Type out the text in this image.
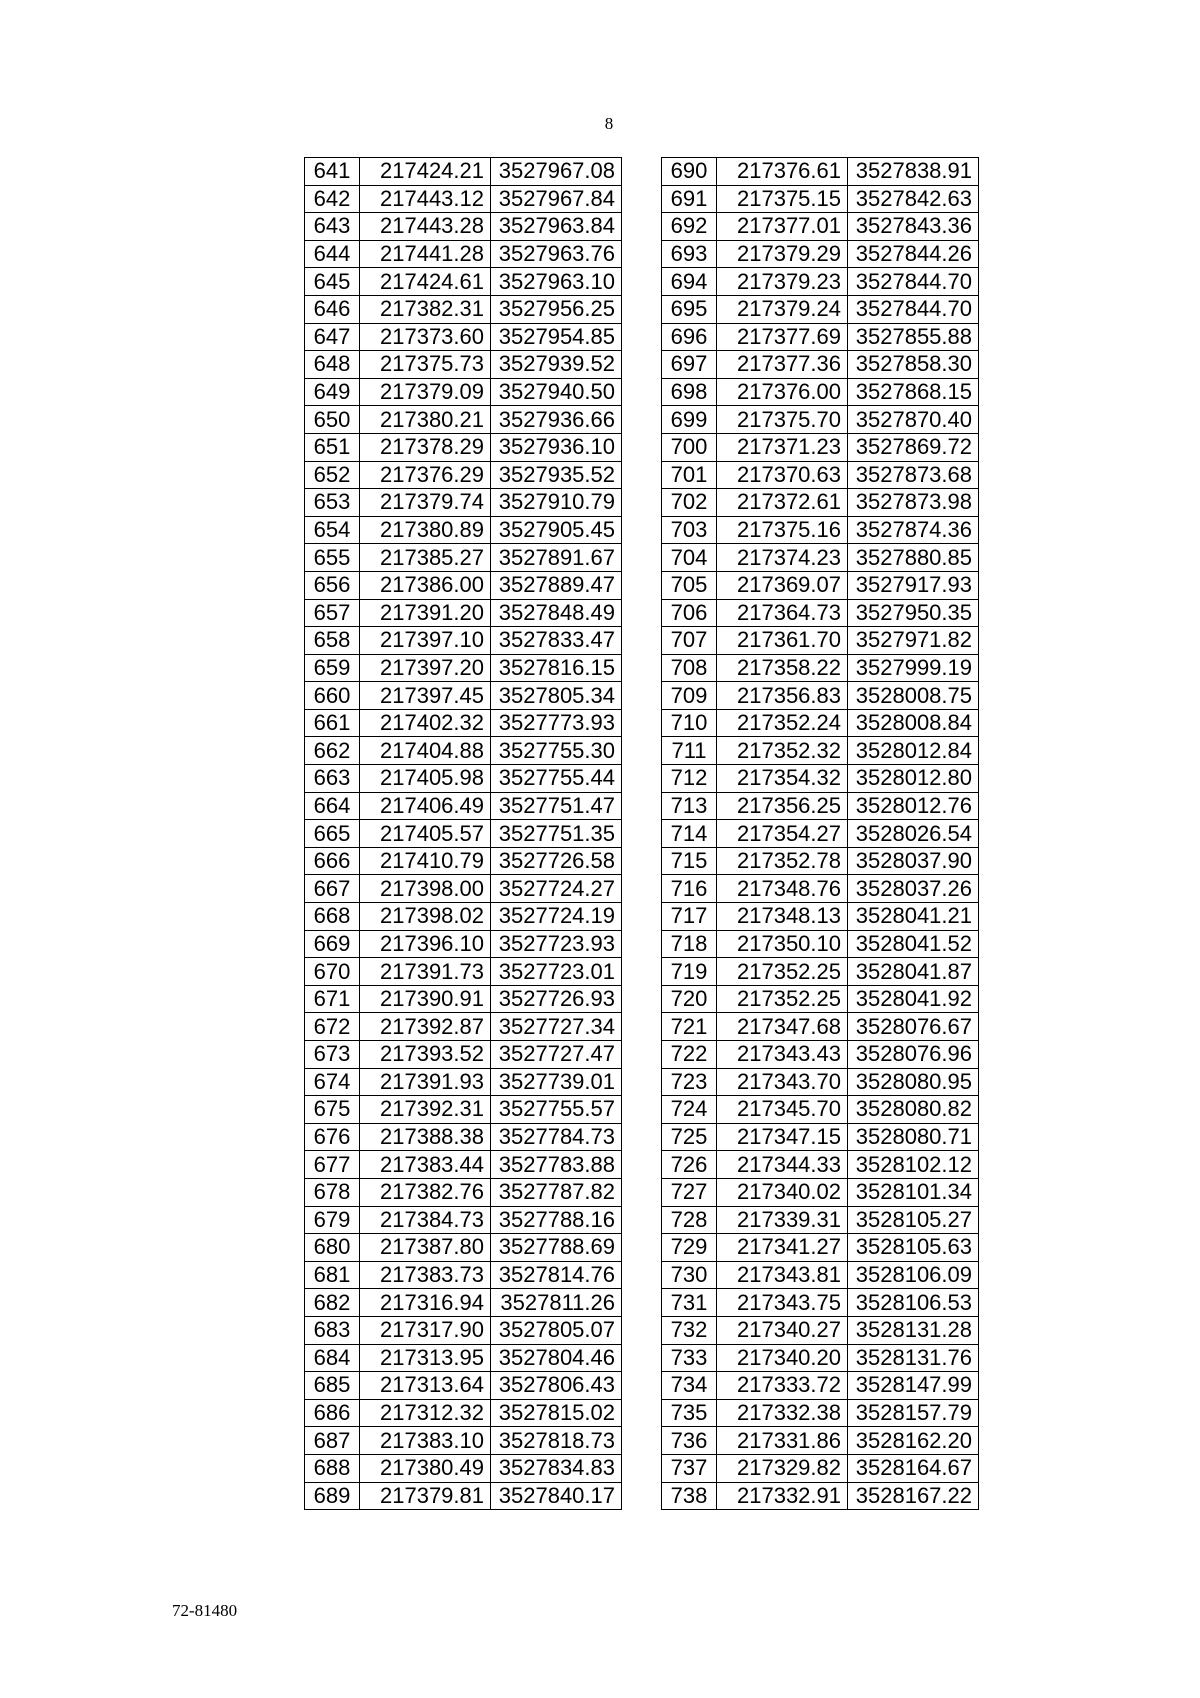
8
641	217424.21	3527967.08
642	217443.12	3527967.84
643	217443.28	3527963.84
644	217441.28	3527963.76
645	217424.61	3527963.10
646	217382.31	3527956.25
647	217373.60	3527954.85
648	217375.73	3527939.52
649	217379.09	3527940.50
650	217380.21	3527936.66
651	217378.29	3527936.10
652	217376.29	3527935.52
653	217379.74	3527910.79
654	217380.89	3527905.45
655	217385.27	3527891.67
656	217386.00	3527889.47
657	217391.20	3527848.49
658	217397.10	3527833.47
659	217397.20	3527816.15
660	217397.45	3527805.34
661	217402.32	3527773.93
662	217404.88	3527755.30
663	217405.98	3527755.44
664	217406.49	3527751.47
665	217405.57	3527751.35
666	217410.79	3527726.58
667	217398.00	3527724.27
668	217398.02	3527724.19
669	217396.10	3527723.93
670	217391.73	3527723.01
671	217390.91	3527726.93
672	217392.87	3527727.34
673	217393.52	3527727.47
674	217391.93	3527739.01
675	217392.31	3527755.57
676	217388.38	3527784.73
677	217383.44	3527783.88
678	217382.76	3527787.82
679	217384.73	3527788.16
680	217387.80	3527788.69
681	217383.73	3527814.76
682	217316.94	3527811.26
683	217317.90	3527805.07
684	217313.95	3527804.46
685	217313.64	3527806.43
686	217312.32	3527815.02
687	217383.10	3527818.73
688	217380.49	3527834.83
689	217379.81	3527840.17
690	217376.61	3527838.91
691	217375.15	3527842.63
692	217377.01	3527843.36
693	217379.29	3527844.26
694	217379.23	3527844.70
695	217379.24	3527844.70
696	217377.69	3527855.88
697	217377.36	3527858.30
698	217376.00	3527868.15
699	217375.70	3527870.40
700	217371.23	3527869.72
701	217370.63	3527873.68
702	217372.61	3527873.98
703	217375.16	3527874.36
704	217374.23	3527880.85
705	217369.07	3527917.93
706	217364.73	3527950.35
707	217361.70	3527971.82
708	217358.22	3527999.19
709	217356.83	3528008.75
710	217352.24	3528008.84
711	217352.32	3528012.84
712	217354.32	3528012.80
713	217356.25	3528012.76
714	217354.27	3528026.54
715	217352.78	3528037.90
716	217348.76	3528037.26
717	217348.13	3528041.21
718	217350.10	3528041.52
719	217352.25	3528041.87
720	217352.25	3528041.92
721	217347.68	3528076.67
722	217343.43	3528076.96
723	217343.70	3528080.95
724	217345.70	3528080.82
725	217347.15	3528080.71
726	217344.33	3528102.12
727	217340.02	3528101.34
728	217339.31	3528105.27
729	217341.27	3528105.63
730	217343.81	3528106.09
731	217343.75	3528106.53
732	217340.27	3528131.28
733	217340.20	3528131.76
734	217333.72	3528147.99
735	217332.38	3528157.79
736	217331.86	3528162.20
737	217329.82	3528164.67
738	217332.91	3528167.22
72-81480
